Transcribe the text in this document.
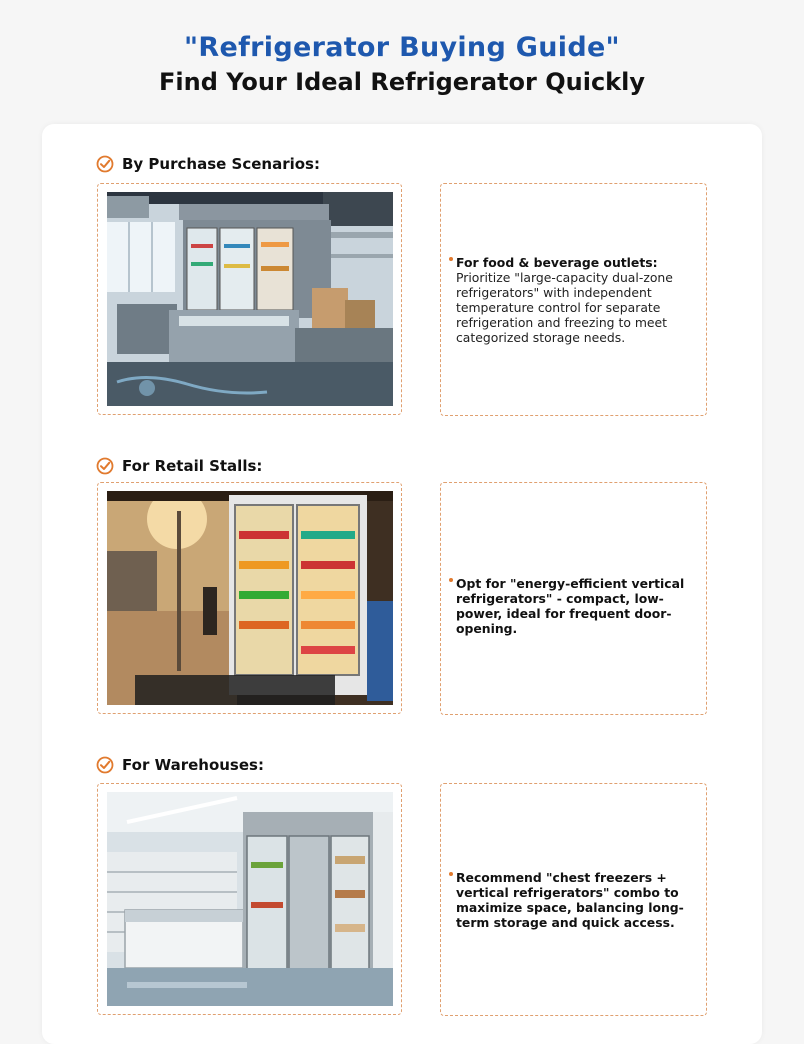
"Refrigerator Buying Guide"
Find Your Ideal Refrigerator Quickly
By Purchase Scenarios:
For food & beverage outlets: Prioritize "large-capacity dual-zone refrigerators" with independent temperature control for separate refrigeration and freezing to meet categorized storage needs.
For Retail Stalls:
Opt for "energy-efficient vertical refrigerators" - compact, low-power, ideal for frequent door-opening.
For Warehouses:
Recommend "chest freezers + vertical refrigerators" combo to maximize space, balancing long-term storage and quick access.
